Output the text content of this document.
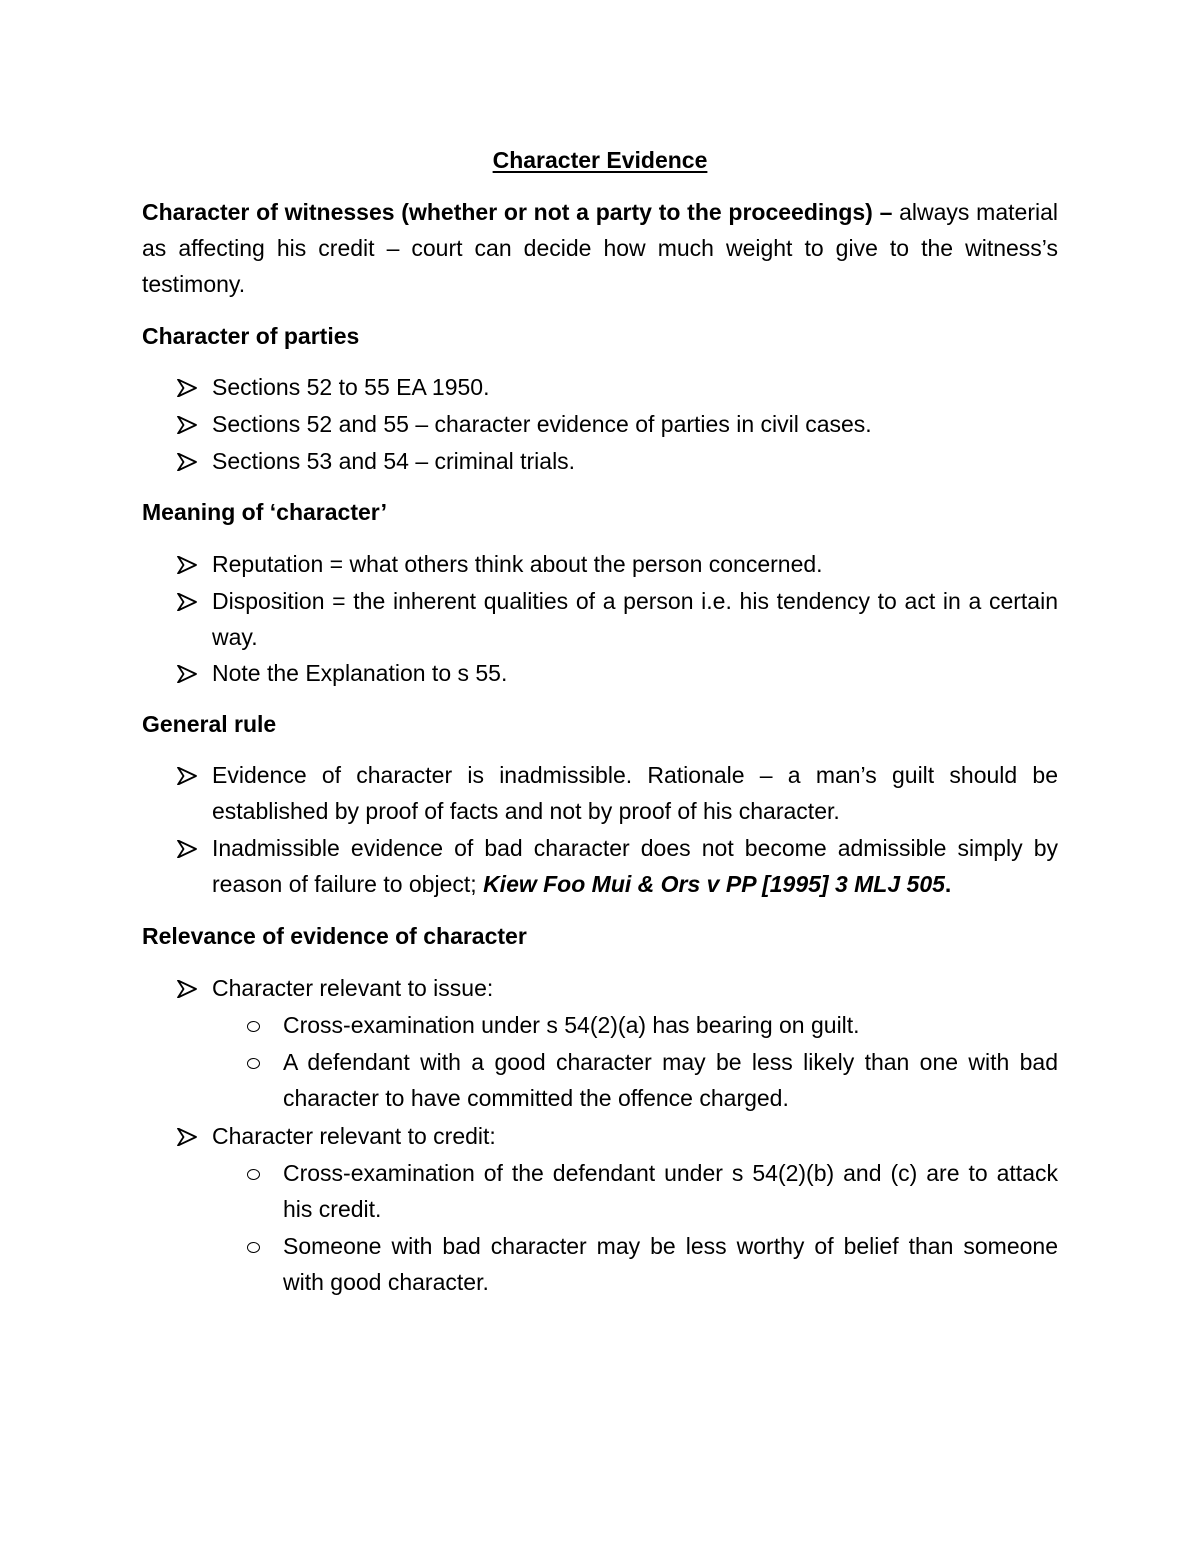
Character Evidence
Character of witnesses (whether or not a party to the proceedings) – always material as affecting his credit – court can decide how much weight to give to the witness’s testimony.
Character of parties
Sections 52 to 55 EA 1950.
Sections 52 and 55 – character evidence of parties in civil cases.
Sections 53 and 54 – criminal trials.
Meaning of ‘character’
Reputation = what others think about the person concerned.
Disposition = the inherent qualities of a person i.e. his tendency to act in a certain way.
Note the Explanation to s 55.
General rule
Evidence of character is inadmissible. Rationale – a man’s guilt should be established by proof of facts and not by proof of his character.
Inadmissible evidence of bad character does not become admissible simply by reason of failure to object; Kiew Foo Mui & Ors v PP [1995] 3 MLJ 505.
Relevance of evidence of character
Character relevant to issue:
Cross-examination under s 54(2)(a) has bearing on guilt.
A defendant with a good character may be less likely than one with bad character to have committed the offence charged.
Character relevant to credit:
Cross-examination of the defendant under s 54(2)(b) and (c) are to attack his credit.
Someone with bad character may be less worthy of belief than someone with good character.
